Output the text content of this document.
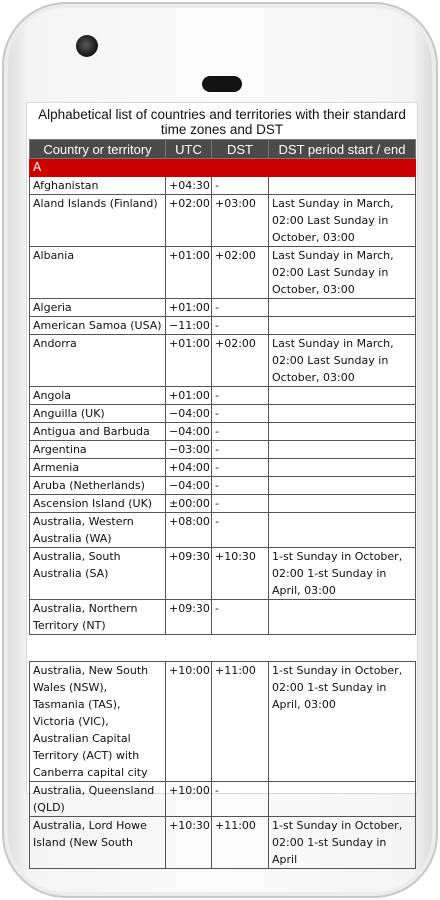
Alphabetical list of countries and territories with their standard time zones and DST
Country or territory	UTC	DST	DST period start / end
A			
Afghanistan	+04:30	-	
Aland Islands (Finland)	+02:00	+03:00	Last Sunday in March, 02:00 Last Sunday in October, 03:00
Albania	+01:00	+02:00	Last Sunday in March, 02:00 Last Sunday in October, 03:00
Algeria	+01:00	-	
American Samoa (USA)	−11:00	-	
Andorra	+01:00	+02:00	Last Sunday in March, 02:00 Last Sunday in October, 03:00
Angola	+01:00	-	
Anguilla (UK)	−04:00	-	
Antigua and Barbuda	−04:00	-	
Argentina	−03:00	-	
Armenia	+04:00	-	
Aruba (Netherlands)	−04:00	-	
Ascension Island (UK)	±00:00	-	
Australia, Western Australia (WA)	+08:00	-	
Australia, South Australia (SA)	+09:30	+10:30	1-st Sunday in October, 02:00 1-st Sunday in April, 03:00
Australia, Northern Territory (NT)	+09:30	-	

Australia, New South Wales (NSW), Tasmania (TAS), Victoria (VIC), Australian Capital Territory (ACT) with Canberra capital city	+10:00	+11:00	1-st Sunday in October, 02:00 1-st Sunday in April, 03:00
Australia, Queensland (QLD)	+10:00	-	
Australia, Lord Howe Island (New South	+10:30	+11:00	1-st Sunday in October, 02:00 1-st Sunday in April
